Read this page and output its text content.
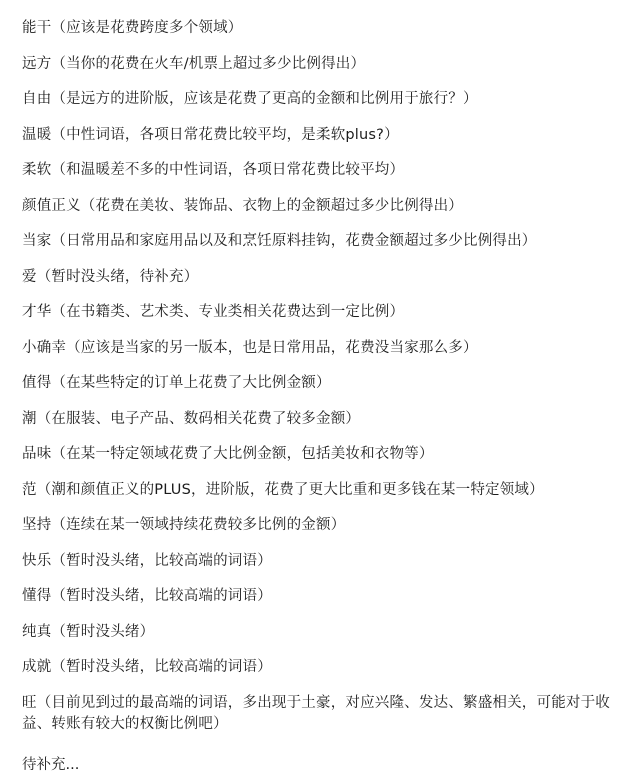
能干（应该是花费跨度多个领域）

远方（当你的花费在火车/机票上超过多少比例得出）

自由（是远方的进阶版，应该是花费了更高的金额和比例用于旅行？）

温暖（中性词语，各项日常花费比较平均，是柔软plus?）

柔软（和温暖差不多的中性词语，各项日常花费比较平均）

颜值正义（花费在美妆、装饰品、衣物上的金额超过多少比例得出）

当家（日常用品和家庭用品以及和烹饪原料挂钩，花费金额超过多少比例得出）

爱（暂时没头绪，待补充）

才华（在书籍类、艺术类、专业类相关花费达到一定比例）

小确幸（应该是当家的另一版本，也是日常用品，花费没当家那么多）

值得（在某些特定的订单上花费了大比例金额）

潮（在服装、电子产品、数码相关花费了较多金额）

品味（在某一特定领域花费了大比例金额，包括美妆和衣物等）

范（潮和颜值正义的PLUS，进阶版，花费了更大比重和更多钱在某一特定领域）

坚持（连续在某一领域持续花费较多比例的金额）

快乐（暂时没头绪，比较高端的词语）

懂得（暂时没头绪，比较高端的词语）

纯真（暂时没头绪）

成就（暂时没头绪，比较高端的词语）

旺（目前见到过的最高端的词语，多出现于土豪，对应兴隆、发达、繁盛相关，可能对于收益、转账有较大的权衡比例吧）

待补充...
